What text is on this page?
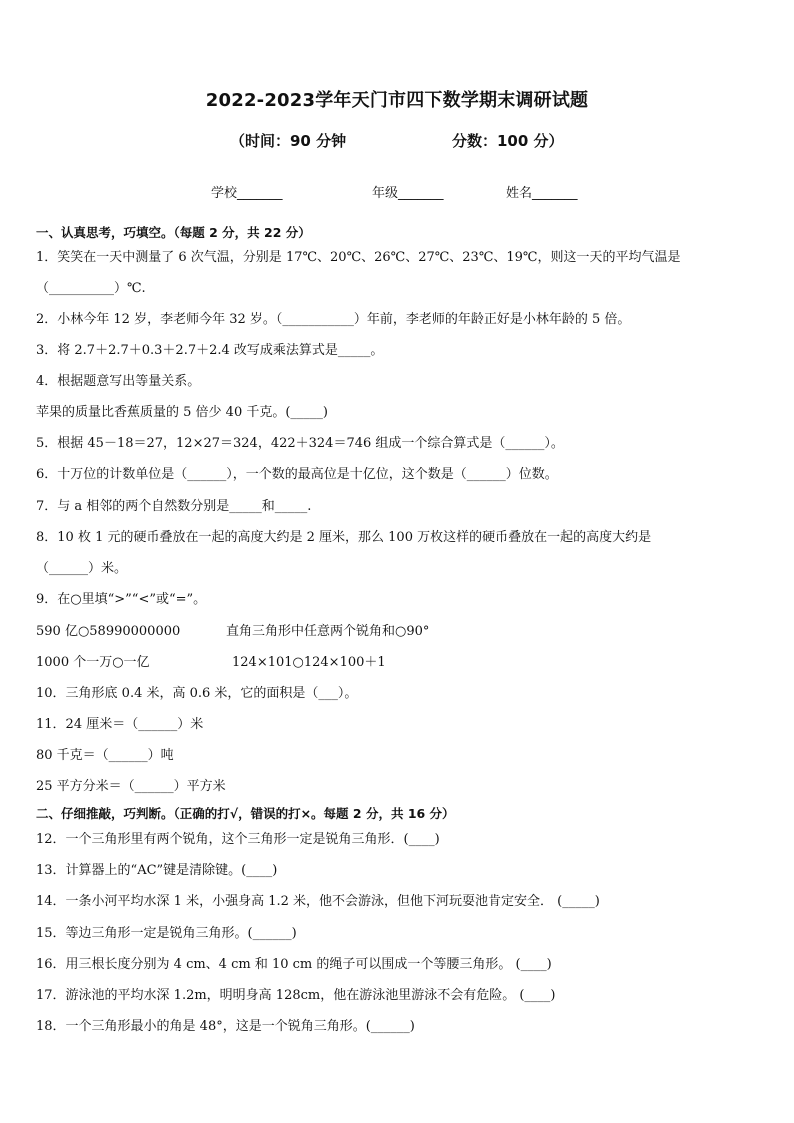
2022-2023学年天门市四下数学期末调研试题
（时间：90 分钟	分数：100 分）
学校_______	年级_______	姓名_______
一、认真思考，巧填空。（每题 2 分，共 22 分）
1．笑笑在一天中测量了 6 次气温，分别是 17℃、20℃、26℃、27℃、23℃、19℃，则这一天的平均气温是
（__________）℃.
2．小林今年 12 岁，李老师今年 32 岁。（___________）年前，李老师的年龄正好是小林年龄的 5 倍。
3．将 2.7＋2.7＋0.3＋2.7＋2.4 改写成乘法算式是_____。
4．根据题意写出等量关系。
苹果的质量比香蕉质量的 5 倍少 40 千克。(_____)
5．根据 45－18＝27，12×27＝324，422＋324＝746 组成一个综合算式是（______）。
6．十万位的计数单位是（______），一个数的最高位是十亿位，这个数是（______）位数。
7．与 a 相邻的两个自然数分别是_____和_____.
8．10 枚 1 元的硬币叠放在一起的高度大约是 2 厘米，那么 100 万枚这样的硬币叠放在一起的高度大约是
（______）米。
9．在○里填“>”“<”或“=”。
590 亿○58990000000	直角三角形中任意两个锐角和○90°
1000 个一万○一亿	124×101○124×100＋1
10．三角形底 0.4 米，高 0.6 米，它的面积是（___）。
11．24 厘米＝（______）米
80 千克＝（______）吨
25 平方分米＝（______）平方米
二、仔细推敲，巧判断。（正确的打√，错误的打×。每题 2 分，共 16 分）
12．一个三角形里有两个锐角，这个三角形一定是锐角三角形．(____)
13．计算器上的“AC”键是清除键。(____)
14．一条小河平均水深 1 米，小强身高 1.2 米，他不会游泳，但他下河玩耍池肯定安全． (_____)
15．等边三角形一定是锐角三角形。(______)
16．用三根长度分别为 4 cm、4 cm 和 10 cm 的绳子可以围成一个等腰三角形。 (____)
17．游泳池的平均水深 1.2m，明明身高 128cm，他在游泳池里游泳不会有危险。 (____)
18．一个三角形最小的角是 48°，这是一个锐角三角形。(______)
